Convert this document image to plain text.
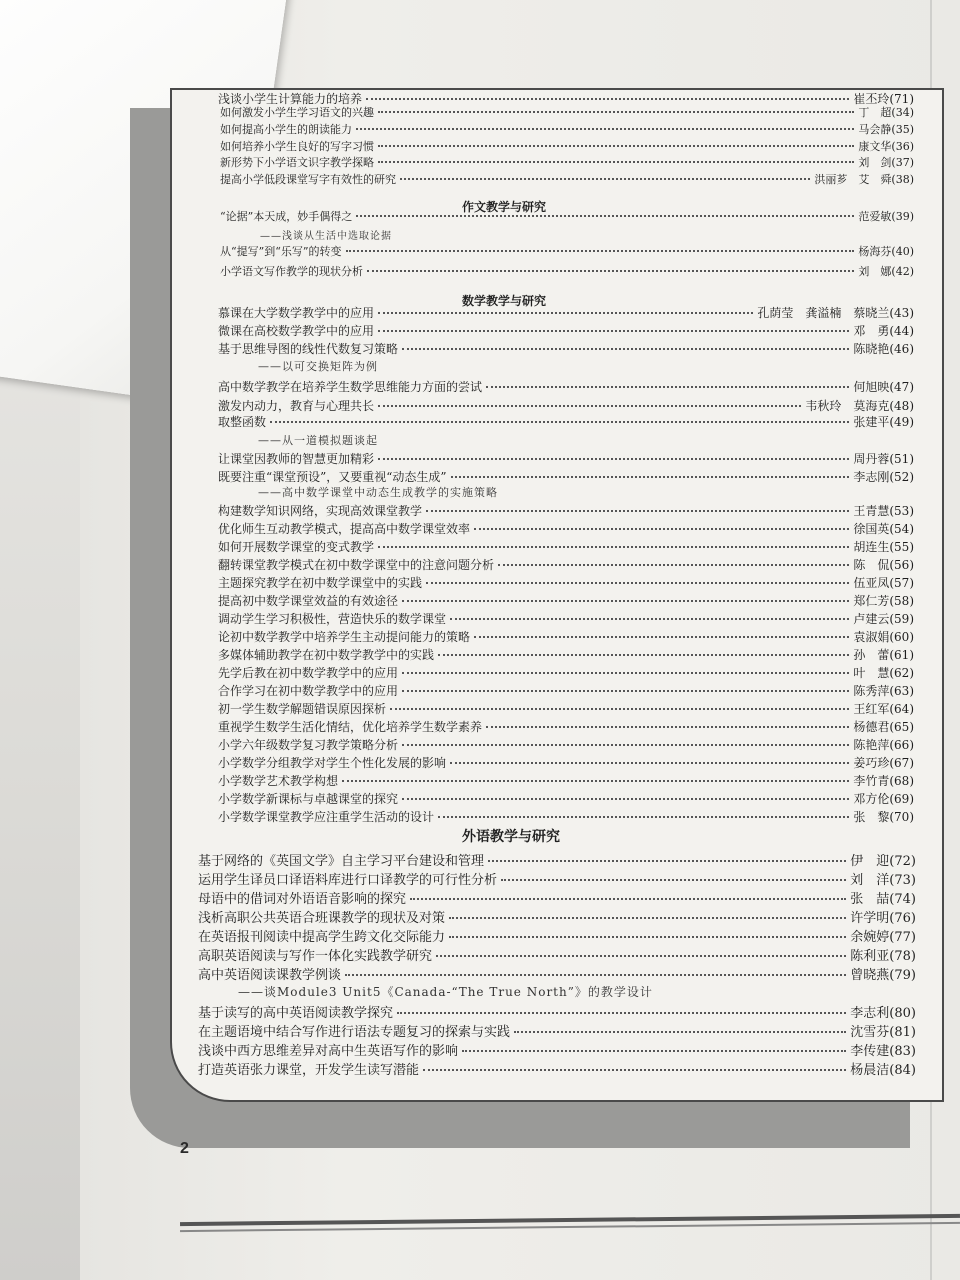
如何激发小学生学习语文的兴趣	丁　超(34)
如何提高小学生的朗读能力	马会静(35)
如何培养小学生良好的写字习惯	康文华(36)
新形势下小学语文识字教学探略	刘　剑(37)
提高小学低段课堂写字有效性的研究	洪丽芗　艾　舜(38)
作文教学与研究
“论据”本天成，妙手偶得之	范爱敏(39)
——浅谈从生活中选取论据
从“提写”到“乐写”的转变	杨海芬(40)
小学语文写作教学的现状分析	刘　娜(42)
数学教学与研究
慕课在大学数学教学中的应用	孔荫莹　龚溢楠　蔡晓兰(43)
微课在高校数学教学中的应用	邓　勇(44)
基于思维导图的线性代数复习策略	陈晓艳(46)
——以可交换矩阵为例
高中数学教学在培养学生数学思维能力方面的尝试	何旭映(47)
激发内动力，教育与心理共长	韦秋玲　莫海克(48)
取整函数	张建平(49)
——从一道模拟题谈起
让课堂因教师的智慧更加精彩	周丹蓉(51)
既要注重“课堂预设”，又要重视“动态生成”	李志刚(52)
——高中数学课堂中动态生成教学的实施策略
构建数学知识网络，实现高效课堂教学	王青慧(53)
优化师生互动教学模式，提高高中数学课堂效率	徐国英(54)
如何开展数学课堂的变式教学	胡连生(55)
翻转课堂教学模式在初中数学课堂中的注意问题分析	陈　侃(56)
主题探究教学在初中数学课堂中的实践	伍亚凤(57)
提高初中数学课堂效益的有效途径	郑仁芳(58)
调动学生学习积极性，营造快乐的数学课堂	卢建云(59)
论初中数学教学中培养学生主动提问能力的策略	袁淑娟(60)
多媒体辅助教学在初中数学教学中的实践	孙　蕾(61)
先学后教在初中数学教学中的应用	叶　慧(62)
合作学习在初中数学教学中的应用	陈秀萍(63)
初一学生数学解题错误原因探析	王红军(64)
重视学生数学生活化情结，优化培养学生数学素养	杨德君(65)
小学六年级数学复习教学策略分析	陈艳萍(66)
小学数学分组教学对学生个性化发展的影响	姜巧珍(67)
小学数学艺术教学构想	李竹青(68)
小学数学新课标与卓越课堂的探究	邓方伦(69)
小学数学课堂教学应注重学生活动的设计	张　黎(70)
浅谈小学生计算能力的培养	崔丕玲(71)
外语教学与研究
基于网络的《英国文学》自主学习平台建设和管理	伊　迎(72)
运用学生译员口译语料库进行口译教学的可行性分析	刘　洋(73)
母语中的借词对外语语音影响的探究	张　喆(74)
浅析高职公共英语合班课教学的现状及对策	许学明(76)
在英语报刊阅读中提高学生跨文化交际能力	余婉婷(77)
高职英语阅读与写作一体化实践教学研究	陈利亚(78)
高中英语阅读课教学例谈	曾晓燕(79)
——谈Module3 Unit5《Canada-“The True North”》的教学设计
基于读写的高中英语阅读教学探究	李志利(80)
在主题语境中结合写作进行语法专题复习的探索与实践	沈雪芬(81)
浅谈中西方思维差异对高中生英语写作的影响	李传建(83)
打造英语张力课堂，开发学生读写潜能	杨晨洁(84)
2
